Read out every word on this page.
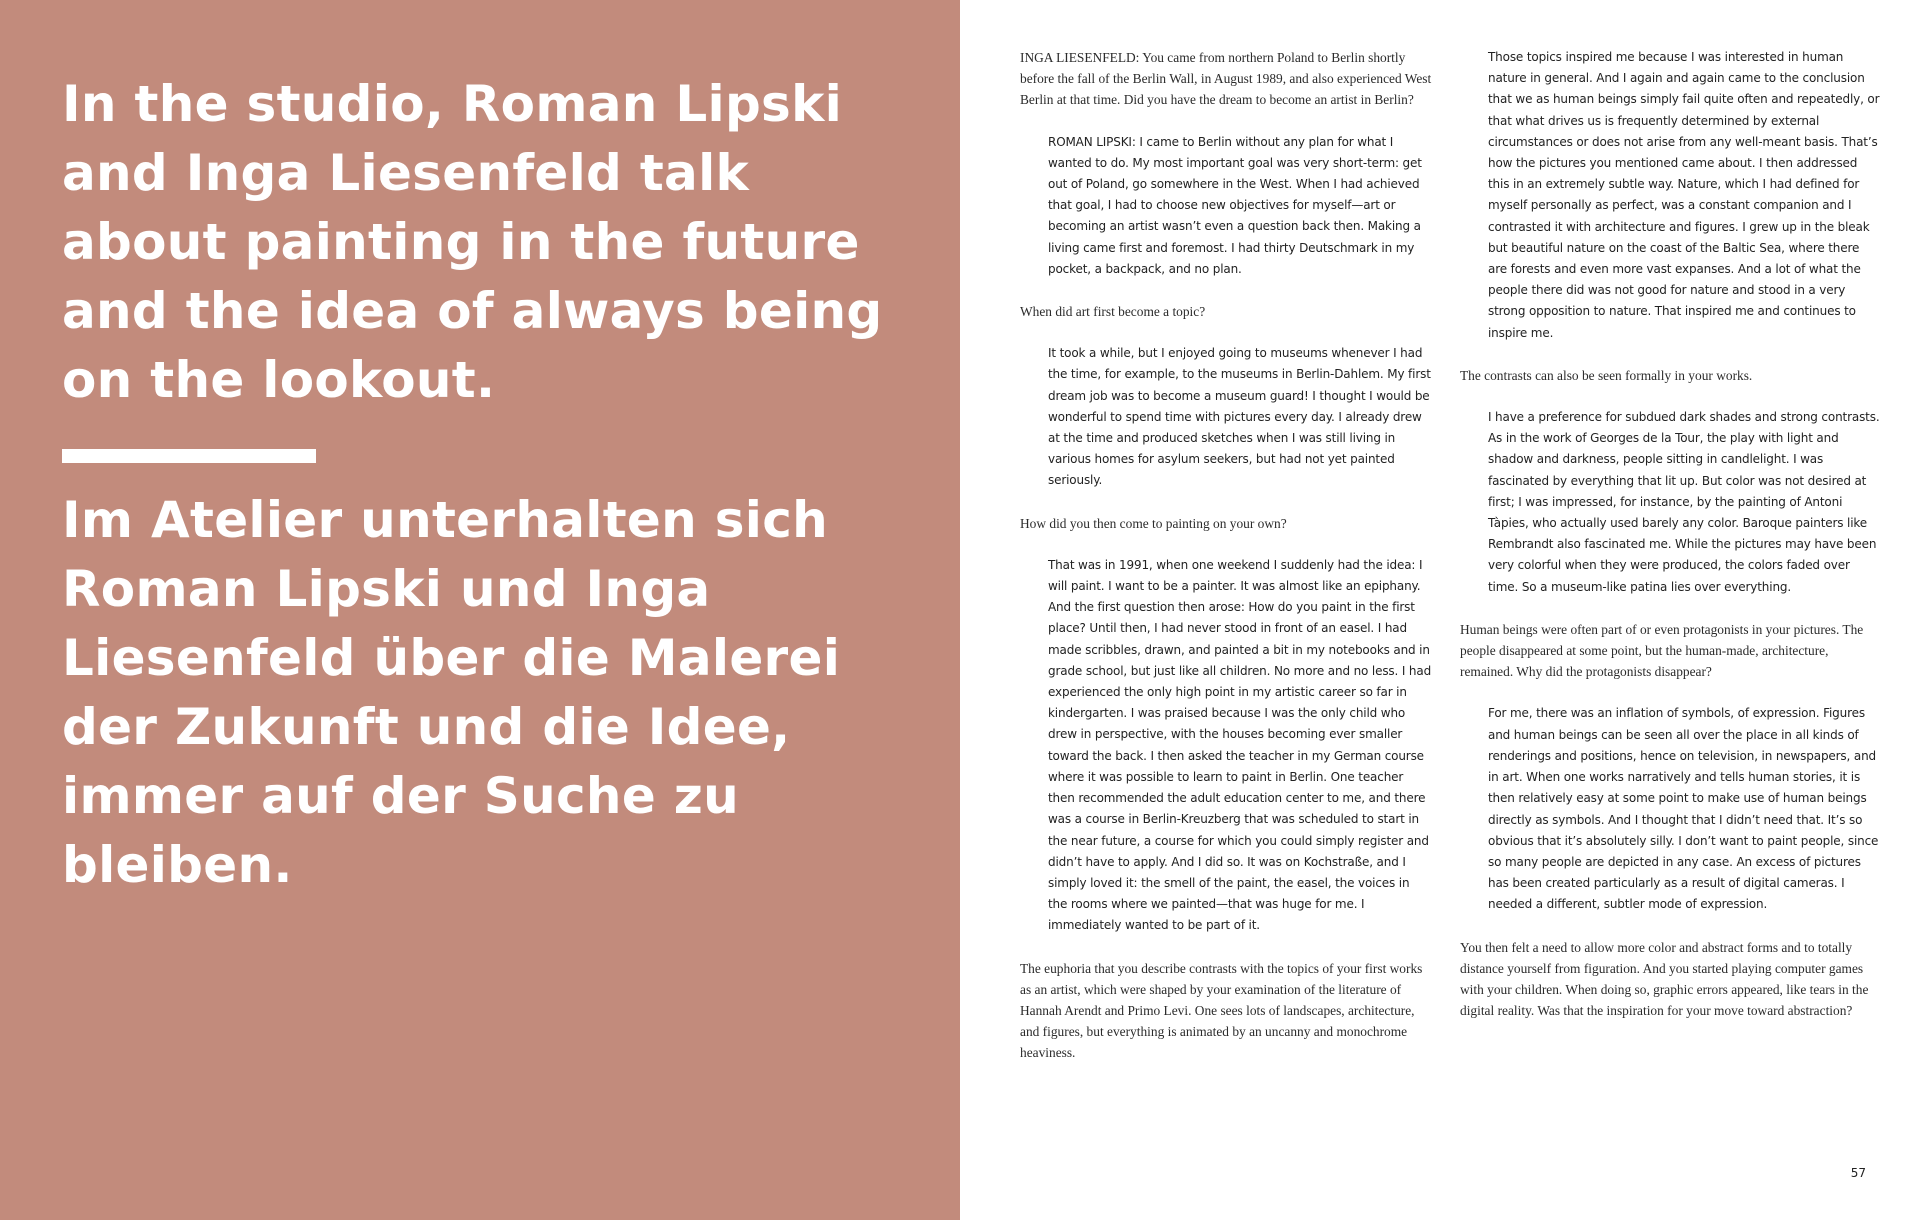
In the studio, Roman Lipski and Inga Liesenfeld talk about painting in the future and the idea of always being on the lookout.
Im Atelier unterhalten sich Roman Lipski und Inga Liesenfeld über die Malerei der Zukunft und die Idee, immer auf der Suche zu bleiben.

INGA LIESENFELD: You came from northern Poland to Berlin shortly before the fall of the Berlin Wall, in August 1989, and also experienced West Berlin at that time. Did you have the dream to become an artist in Berlin?

ROMAN LIPSKI: I came to Berlin without any plan for what I wanted to do. My most important goal was very short-term: get out of Poland, go somewhere in the West. When I had achieved that goal, I had to choose new objectives for myself—art or becoming an artist wasn’t even a question back then. Making a living came first and foremost. I had thirty Deutschmark in my pocket, a backpack, and no plan.

When did art first become a topic?

It took a while, but I enjoyed going to museums whenever I had the time, for example, to the museums in Berlin-Dahlem. My first dream job was to become a museum guard! I thought I would be wonderful to spend time with pictures every day. I already drew at the time and produced sketches when I was still living in various homes for asylum seekers, but had not yet painted seriously.

How did you then come to painting on your own?

That was in 1991, when one weekend I suddenly had the idea: I will paint. I want to be a painter. It was almost like an epiphany. And the first question then arose: How do you paint in the first place? Until then, I had never stood in front of an easel. I had made scribbles, drawn, and painted a bit in my notebooks and in grade school, but just like all children. No more and no less. I had experienced the only high point in my artistic career so far in kindergarten. I was praised because I was the only child who drew in perspective, with the houses becoming ever smaller toward the back. I then asked the teacher in my German course where it was possible to learn to paint in Berlin. One teacher then recommended the adult education center to me, and there was a course in Berlin-Kreuzberg that was scheduled to start in the near future, a course for which you could simply register and didn’t have to apply. And I did so. It was on Kochstraße, and I simply loved it: the smell of the paint, the easel, the voices in the rooms where we painted—that was huge for me. I immediately wanted to be part of it.

The euphoria that you describe contrasts with the topics of your first works as an artist, which were shaped by your examination of the literature of Hannah Arendt and Primo Levi. One sees lots of landscapes, architecture, and figures, but everything is animated by an uncanny and monochrome heaviness.

Those topics inspired me because I was interested in human nature in general. And I again and again came to the conclusion that we as human beings simply fail quite often and repeatedly, or that what drives us is frequently determined by external circumstances or does not arise from any well-meant basis. That’s how the pictures you mentioned came about. I then addressed this in an extremely subtle way. Nature, which I had defined for myself personally as perfect, was a constant companion and I contrasted it with architecture and figures. I grew up in the bleak but beautiful nature on the coast of the Baltic Sea, where there are forests and even more vast expanses. And a lot of what the people there did was not good for nature and stood in a very strong opposition to nature. That inspired me and continues to inspire me.

The contrasts can also be seen formally in your works.

I have a preference for subdued dark shades and strong contrasts. As in the work of Georges de la Tour, the play with light and shadow and darkness, people sitting in candlelight. I was fascinated by everything that lit up. But color was not desired at first; I was impressed, for instance, by the painting of Antoni Tàpies, who actually used barely any color. Baroque painters like Rembrandt also fascinated me. While the pictures may have been very colorful when they were produced, the colors faded over time. So a museum-like patina lies over everything.

Human beings were often part of or even protagonists in your pictures. The people disappeared at some point, but the human-made, architecture, remained. Why did the protagonists disappear?

For me, there was an inflation of symbols, of expression. Figures and human beings can be seen all over the place in all kinds of renderings and positions, hence on television, in newspapers, and in art. When one works narratively and tells human stories, it is then relatively easy at some point to make use of human beings directly as symbols. And I thought that I didn’t need that. It’s so obvious that it’s absolutely silly. I don’t want to paint people, since so many people are depicted in any case. An excess of pictures has been created particularly as a result of digital cameras. I needed a different, subtler mode of expression.

You then felt a need to allow more color and abstract forms and to totally distance yourself from figuration. And you started playing computer games with your children. When doing so, graphic errors appeared, like tears in the digital reality. Was that the inspiration for your move toward abstraction?

57
